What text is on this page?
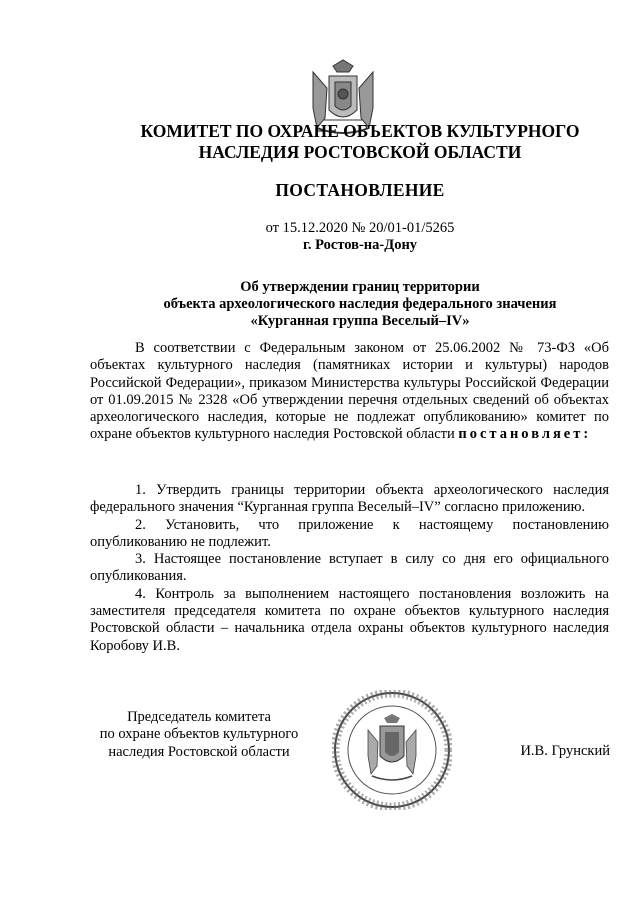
КОМИТЕТ ПО ОХРАНЕ ОБЪЕКТОВ КУЛЬТУРНОГО
НАСЛЕДИЯ РОСТОВСКОЙ ОБЛАСТИ
ПОСТАНОВЛЕНИЕ
от 15.12.2020 № 20/01-01/5265
г. Ростов-на-Дону
Об утверждении границ территории
объекта археологического наследия федерального значения
«Курганная группа Веселый–IV»

В соответствии с Федеральным законом от 25.06.2002 № 73-ФЗ «Об объектах культурного наследия (памятниках истории и культуры) народов Российской Федерации», приказом Министерства культуры Российской Федерации от 01.09.2015 № 2328 «Об утверждении перечня отдельных сведений об объектах археологического наследия, которые не подлежат опубликованию» комитет по охране объектов культурного наследия Ростовской области постановляет:

1. Утвердить границы территории объекта археологического наследия федерального значения “Курганная группа Веселый–IV” согласно приложению.

2. Установить, что приложение к настоящему постановлению опубликованию не подлежит.

3. Настоящее постановление вступает в силу со дня его официального опубликования.

4. Контроль за выполнением настоящего постановления возложить на заместителя председателя комитета по охране объектов культурного наследия Ростовской области – начальника отдела охраны объектов культурного наследия Коробову И.В.

Председатель комитета
по охране объектов культурного
наследия Ростовской области	И.В. Грунский
